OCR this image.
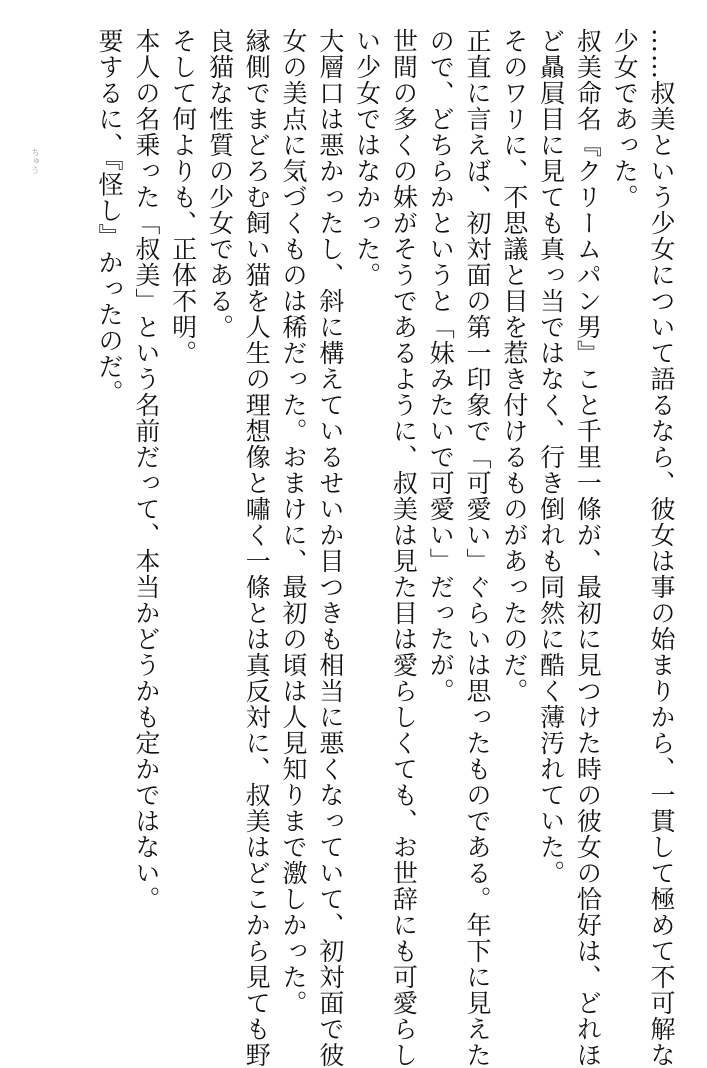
……叔美という少女について語るなら、彼女は事の始まりから、一貫して極めて不可解な
少女であった。
叔美命名『クリームパン男』こと千里一條が、最初に見つけた時の彼女の恰好は、どれほ
ど贔屓目に見ても真っ当ではなく、行き倒れも同然に酷く薄汚れていた。
そのワリに、不思議と目を惹き付けるものがあったのだ。
正直に言えば、初対面の第一印象で「可愛い」ぐらいは思ったものである。年下に見えた
ので、どちらかというと「妹みたいで可愛い」だったが。
世間の多くの妹がそうであるように、叔美は見た目は愛らしくても、お世辞にも可愛らし
い少女ではなかった。
大層口は悪かったし、斜に構えているせいか目つきも相当に悪くなっていて、初対面で彼
女の美点に気づくものは稀だった。おまけに、最初の頃は人見知りまで激しかった。
縁側でまどろむ飼い猫を人生の理想像と嘯く一條とは真反対に、叔美はどこから見ても野
良猫な性質の少女である。
そして何よりも、正体不明。
本人の名乗った「叔美」という名前だって、本当かどうかも定かではない。
要するに、『怪し』かったのだ。
ちゅう
